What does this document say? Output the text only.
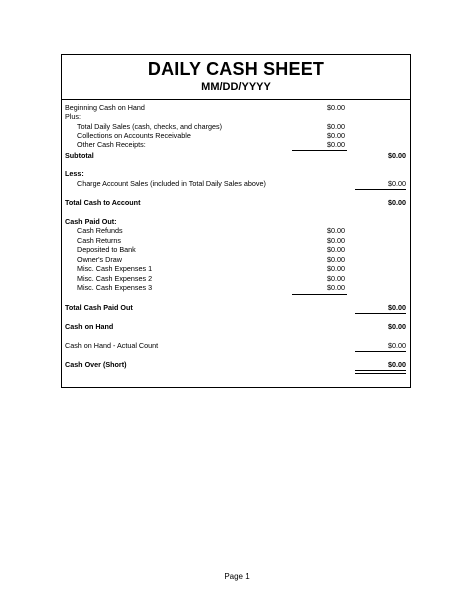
DAILY CASH SHEET
MM/DD/YYYY
Beginning Cash on Hand	$0.00
Plus:
Total Daily Sales (cash, checks, and charges)	$0.00
Collections on Accounts Receivable	$0.00
Other Cash Receipts:	$0.00
Subtotal	$0.00
Less:
Charge Account Sales (included in Total Daily Sales above)	$0.00
Total Cash to Account	$0.00
Cash Paid Out:
Cash Refunds	$0.00
Cash Returns	$0.00
Deposited to Bank	$0.00
Owner's Draw	$0.00
Misc. Cash Expenses 1	$0.00
Misc. Cash Expenses 2	$0.00
Misc. Cash Expenses 3	$0.00
Total Cash Paid Out	$0.00
Cash on Hand	$0.00
Cash on Hand - Actual Count	$0.00
Cash Over (Short)	$0.00
Page 1
